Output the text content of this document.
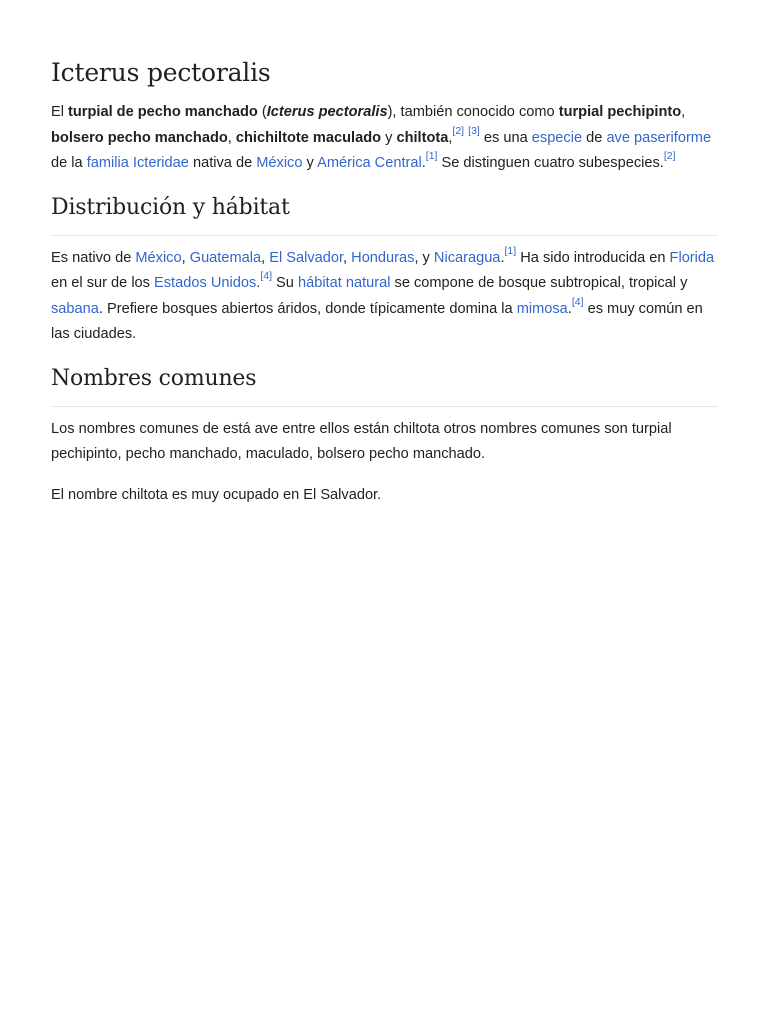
Icterus pectoralis

El turpial de pecho manchado (Icterus pectoralis), también conocido como turpial pechipinto, bolsero pecho manchado, chichiltote maculado y chiltota,[2] [3] es una especie de ave paseriforme de la familia Icteridae nativa de México y América Central.[1] Se distinguen cuatro subespecies.[2]

Distribución y hábitat

Es nativo de México, Guatemala, El Salvador, Honduras, y Nicaragua.[1] Ha sido introducida en Florida en el sur de los Estados Unidos.[4] Su hábitat natural se compone de bosque subtropical, tropical y sabana. Prefiere bosques abiertos áridos, donde típicamente domina la mimosa.[4] es muy común en las ciudades.

Nombres comunes

Los nombres comunes de está ave entre ellos están chiltota otros nombres comunes son turpial pechipinto, pecho manchado, maculado, bolsero pecho manchado.

El nombre chiltota es muy ocupado en El Salvador.
